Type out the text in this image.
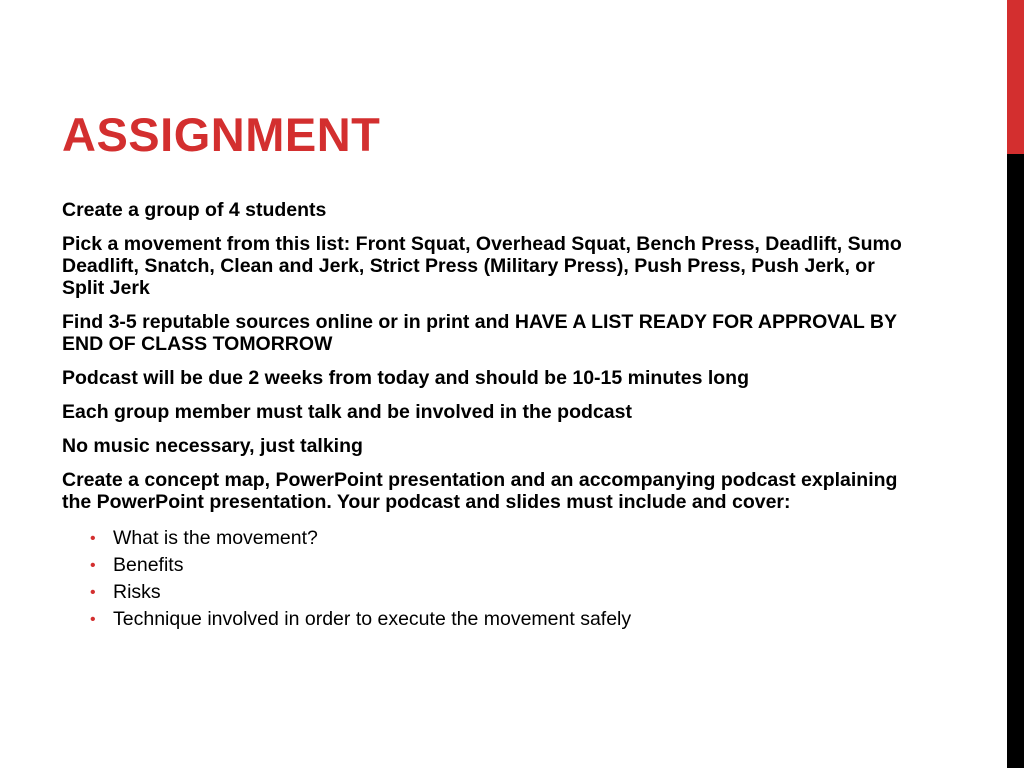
ASSIGNMENT

Create a group of 4 students

Pick a movement from this list: Front Squat, Overhead Squat, Bench Press, Deadlift, Sumo Deadlift, Snatch, Clean and Jerk, Strict Press (Military Press), Push Press, Push Jerk, or Split Jerk

Find 3-5 reputable sources online or in print and HAVE A LIST READY FOR APPROVAL BY END OF CLASS TOMORROW

Podcast will be due 2 weeks from today and should be 10-15 minutes long

Each group member must talk and be involved in the podcast

No music necessary, just talking

Create a concept map, PowerPoint presentation and an accompanying podcast explaining the PowerPoint presentation. Your podcast and slides must include and cover:

• What is the movement?
• Benefits
• Risks
• Technique involved in order to execute the movement safely
